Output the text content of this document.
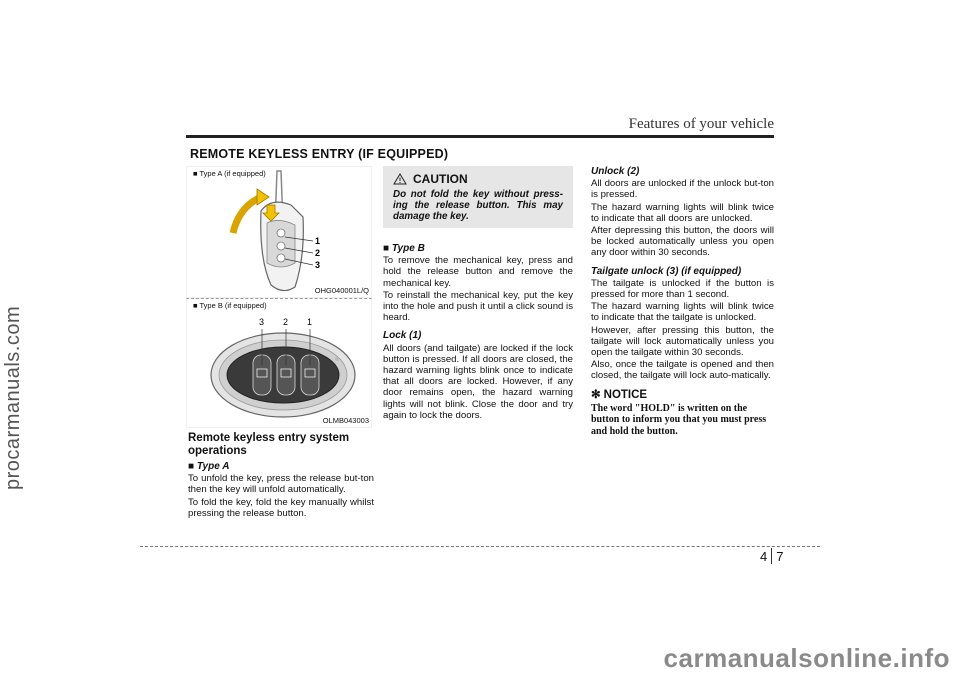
procarmanuals.com
carmanualsonline.info
Features of your vehicle
REMOTE KEYLESS ENTRY (IF EQUIPPED)
1
2
3
■ Type A (if equipped)
OHG040001L/Q
3 2 1
■ Type B (if equipped)
OLMB043003
Remote keyless entry system operations
■ Type A

To unfold the key, press the release but-ton then the key will unfold automatically.

To fold the key, fold the key manually whilst pressing the release button.

CAUTION
Do not fold the key without press-ing the release button. This may damage the key.
■ Type B

To remove the mechanical key, press and hold the release button and remove the mechanical key.

To reinstall the mechanical key, put the key into the hole and push it until a click sound is heard.

Lock (1)

All doors (and tailgate) are locked if the lock button is pressed. If all doors are closed, the hazard warning lights blink once to indicate that all doors are locked. However, if any door remains open, the hazard warning lights will not blink. Close the door and try again to lock the doors.

Unlock (2)

All doors are unlocked if the unlock but-ton is pressed.

The hazard warning lights will blink twice to indicate that all doors are unlocked.

After depressing this button, the doors will be locked automatically unless you open any door within 30 seconds.

Tailgate unlock (3) (if equipped)

The tailgate is unlocked if the button is pressed for more than 1 second.

The hazard warning lights will blink twice to indicate that the tailgate is unlocked.

However, after pressing this button, the tailgate will lock automatically unless you open the tailgate within 30 seconds.

Also, once the tailgate is opened and then closed, the tailgate will lock auto-matically.

✻ NOTICE
The word "HOLD" is written on the button to inform you that you must press and hold the button.
4 7
